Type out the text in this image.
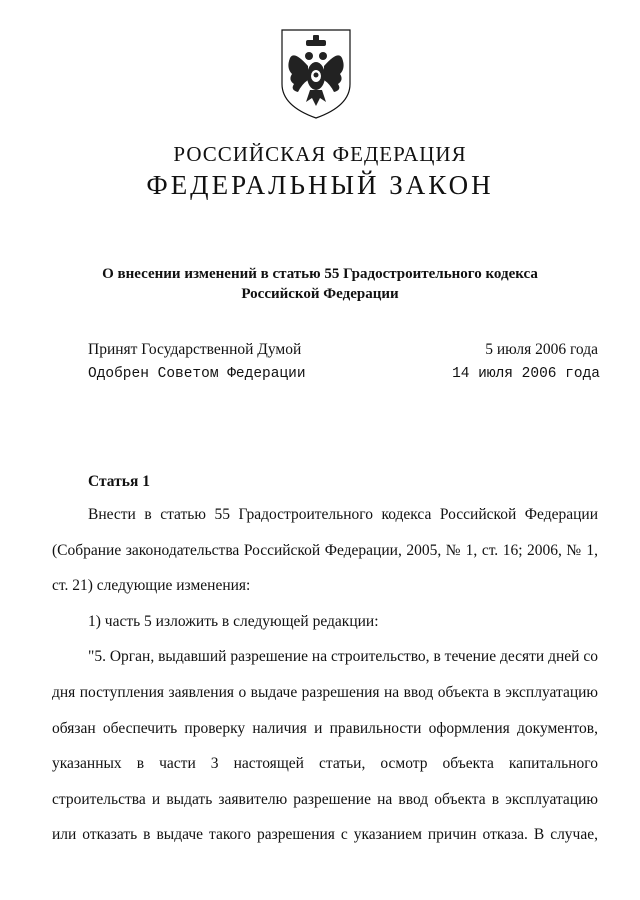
РОССИЙСКАЯ ФЕДЕРАЦИЯ
ФЕДЕРАЛЬНЫЙ ЗАКОН
О внесении изменений в статью 55 Градостроительного кодекса
Российской Федерации
Принят Государственной Думой	5 июля 2006 года
Одобрен Советом Федерации	14 июля 2006 года
Статья 1
Внести в статью 55 Градостроительного кодекса Российской Федерации
(Собрание законодательства Российской Федерации, 2005, № 1, ст. 16; 2006, № 1,
ст. 21) следующие изменения:
1) часть 5 изложить в следующей редакции:
"5. Орган, выдавший разрешение на строительство, в течение десяти дней со
дня поступления заявления о выдаче разрешения на ввод объекта в эксплуатацию
обязан обеспечить проверку наличия и правильности оформления документов,
указанных в части 3 настоящей статьи, осмотр объекта капитального
строительства и выдать заявителю разрешение на ввод объекта в эксплуатацию
или отказать в выдаче такого разрешения с указанием причин отказа. В случае,
